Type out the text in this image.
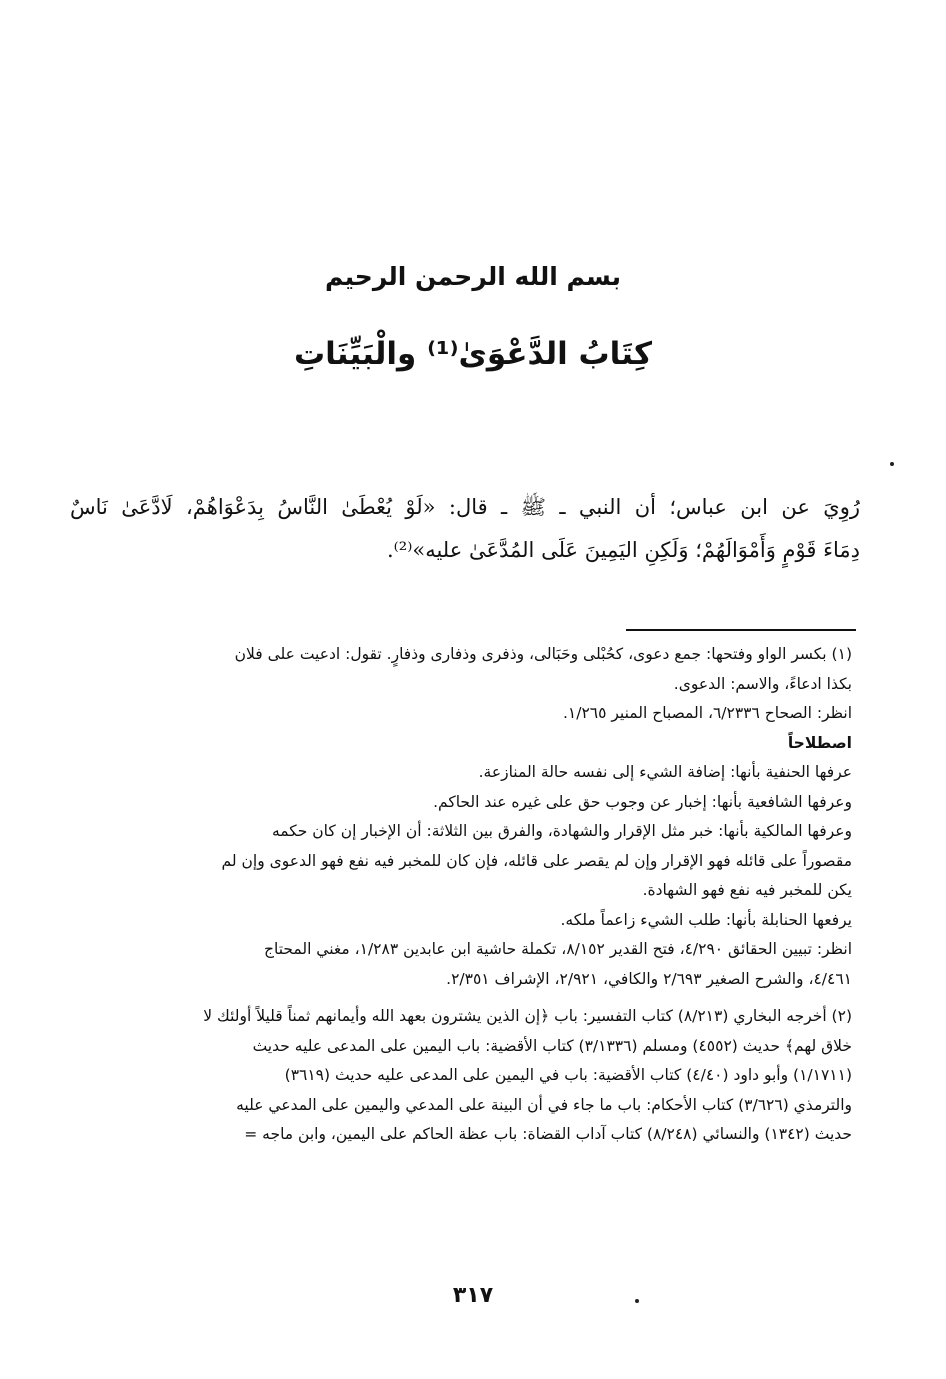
بسم الله الرحمن الرحيم
كِتَابُ الدَّعْوَىٰ⁽¹⁾ والْبَيِّنَاتِ
رُوِيَ عن ابن عباس؛ أن النبي ـ ﷺ ـ قال: «لَوْ يُعْطَىٰ النَّاسُ بِدَعْوَاهُمْ، لَادَّعَىٰ نَاسٌ
دِمَاءَ قَوْمٍ وَأَمْوَالَهُمْ؛ وَلَكِنِ اليَمِينَ عَلَى المُدَّعَىٰ عليه»⁽²⁾.
(١) بكسر الواو وفتحها: جمع دعوى، كحُبْلى وحَبَالى، وذفرى وذفارى وذفارٍ. تقول: ادعيت على فلان
بكذا ادعاءً، والاسم: الدعوى.
انظر: الصحاح ٦/٢٣٣٦، المصباح المنير ١/٢٦٥.
اصطلاحاً
عرفها الحنفية بأنها: إضافة الشيء إلى نفسه حالة المنازعة.
وعرفها الشافعية بأنها: إخبار عن وجوب حق على غيره عند الحاكم.
وعرفها المالكية بأنها: خبر مثل الإقرار والشهادة، والفرق بين الثلاثة: أن الإخبار إن كان حكمه
مقصوراً على قائله فهو الإقرار وإن لم يقصر على قائله، فإن كان للمخبر فيه نفع فهو الدعوى وإن لم
يكن للمخبر فيه نفع فهو الشهادة.
يرفعها الحنابلة بأنها: طلب الشيء زاعماً ملكه.
انظر: تبيين الحقائق ٤/٢٩٠، فتح القدير ٨/١٥٢، تكملة حاشية ابن عابدين ١/٢٨٣، مغني المحتاج
٤/٤٦١، والشرح الصغير ٢/٦٩٣ والكافي، ٢/٩٢١، الإشراف ٢/٣٥١.
(٢) أخرجه البخاري (٨/٢١٣) كتاب التفسير: باب ﴿إن الذين يشترون بعهد الله وأيمانهم ثمناً قليلاً أولئك لا
خلاق لهم﴾ حديث (٤٥٥٢) ومسلم (٣/١٣٣٦) كتاب الأقضية: باب اليمين على المدعى عليه حديث
(١/١٧١١) وأبو داود (٤/٤٠) كتاب الأقضية: باب في اليمين على المدعى عليه حديث (٣٦١٩)
والترمذي (٣/٦٢٦) كتاب الأحكام: باب ما جاء في أن البينة على المدعي واليمين على المدعي عليه
حديث (١٣٤٢) والنسائي (٨/٢٤٨) كتاب آداب القضاة: باب عظة الحاكم على اليمين، وابن ماجه =
٣١٧
